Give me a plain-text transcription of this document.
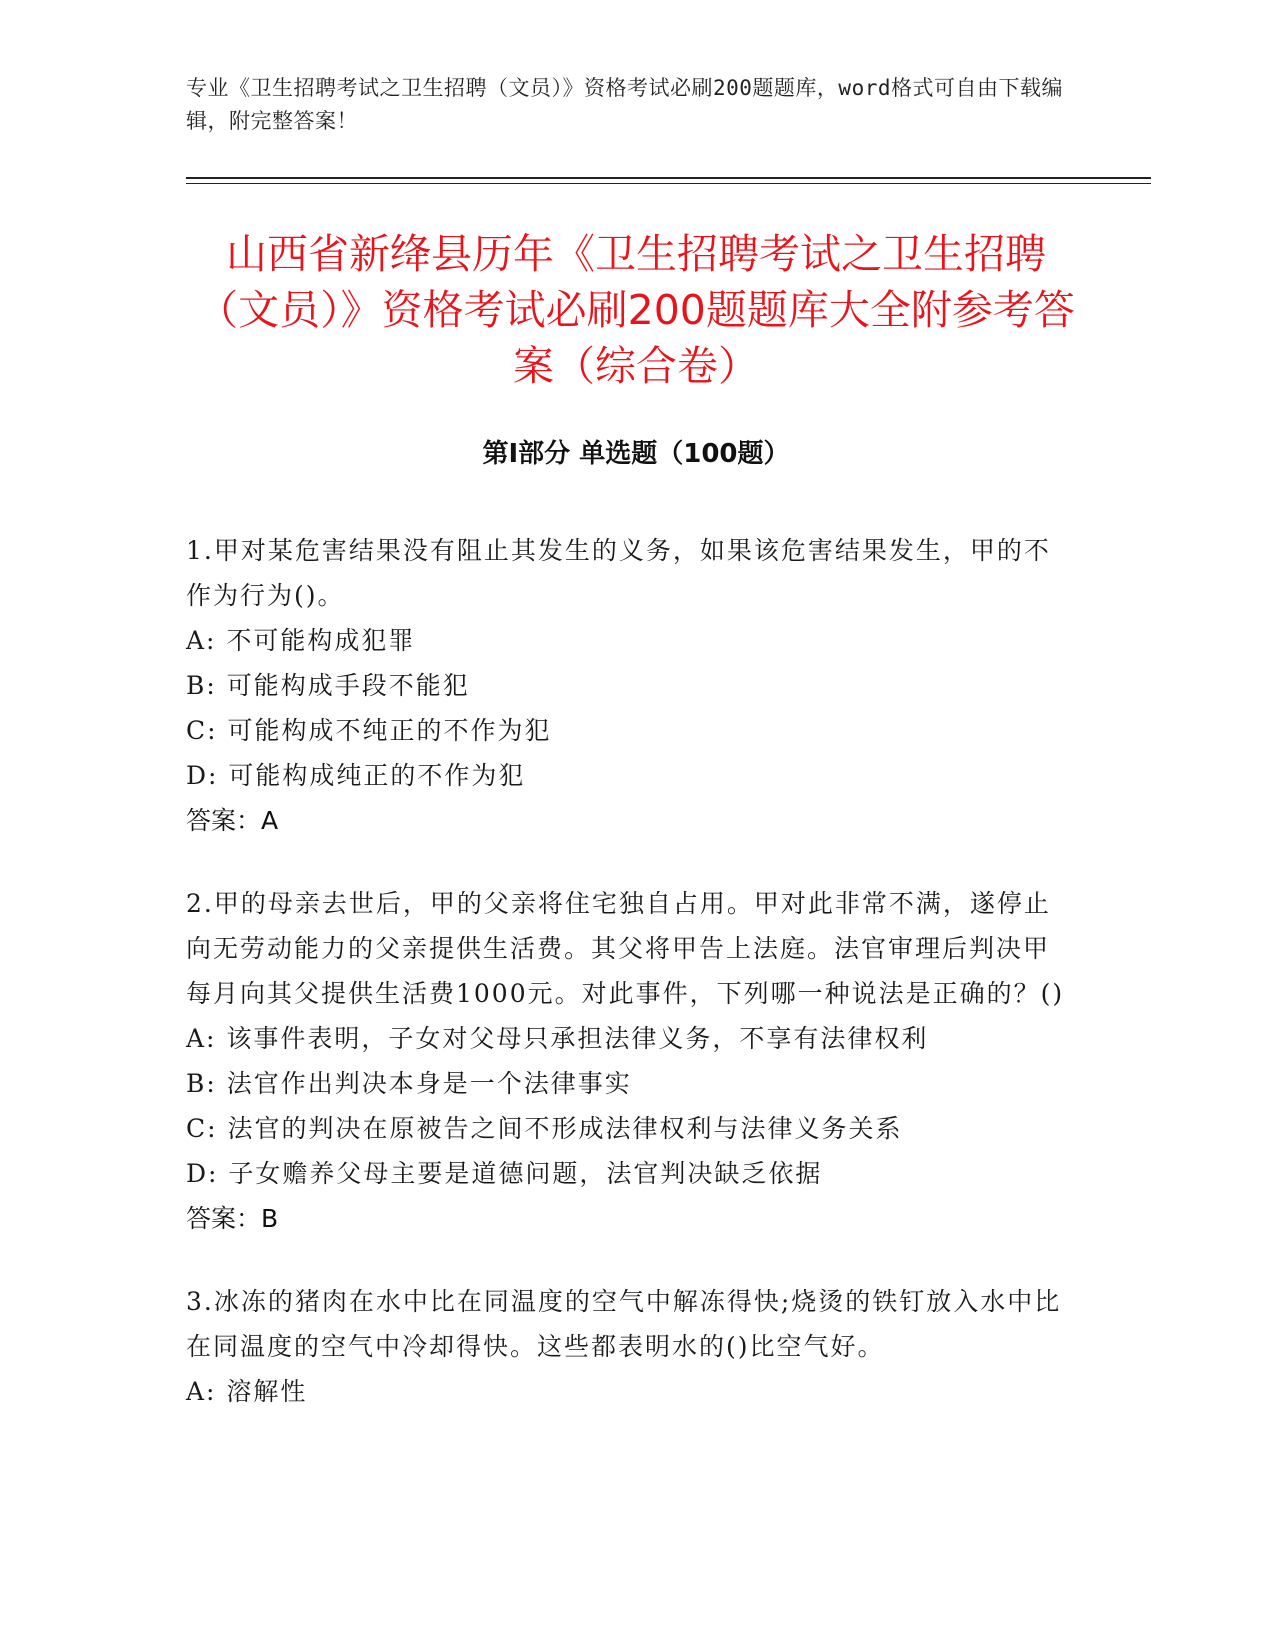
专业《卫生招聘考试之卫生招聘（文员）》资格考试必刷200题题库，word格式可自由下载编辑，附完整答案！
山西省新绛县历年《卫生招聘考试之卫生招聘（文员）》资格考试必刷200题题库大全附参考答案（综合卷）
第I部分 单选题（100题）
1.甲对某危害结果没有阻止其发生的义务，如果该危害结果发生，甲的不作为行为()。
A: 不可能构成犯罪
B: 可能构成手段不能犯
C: 可能构成不纯正的不作为犯
D: 可能构成纯正的不作为犯
答案：A
2.甲的母亲去世后，甲的父亲将住宅独自占用。甲对此非常不满，遂停止向无劳动能力的父亲提供生活费。其父将甲告上法庭。法官审理后判决甲每月向其父提供生活费1000元。对此事件，下列哪一种说法是正确的？()
A: 该事件表明，子女对父母只承担法律义务，不享有法律权利
B: 法官作出判决本身是一个法律事实
C: 法官的判决在原被告之间不形成法律权利与法律义务关系
D: 子女赡养父母主要是道德问题，法官判决缺乏依据
答案：B
3.冰冻的猪肉在水中比在同温度的空气中解冻得快;烧烫的铁钉放入水中比在同温度的空气中冷却得快。这些都表明水的()比空气好。
A: 溶解性
